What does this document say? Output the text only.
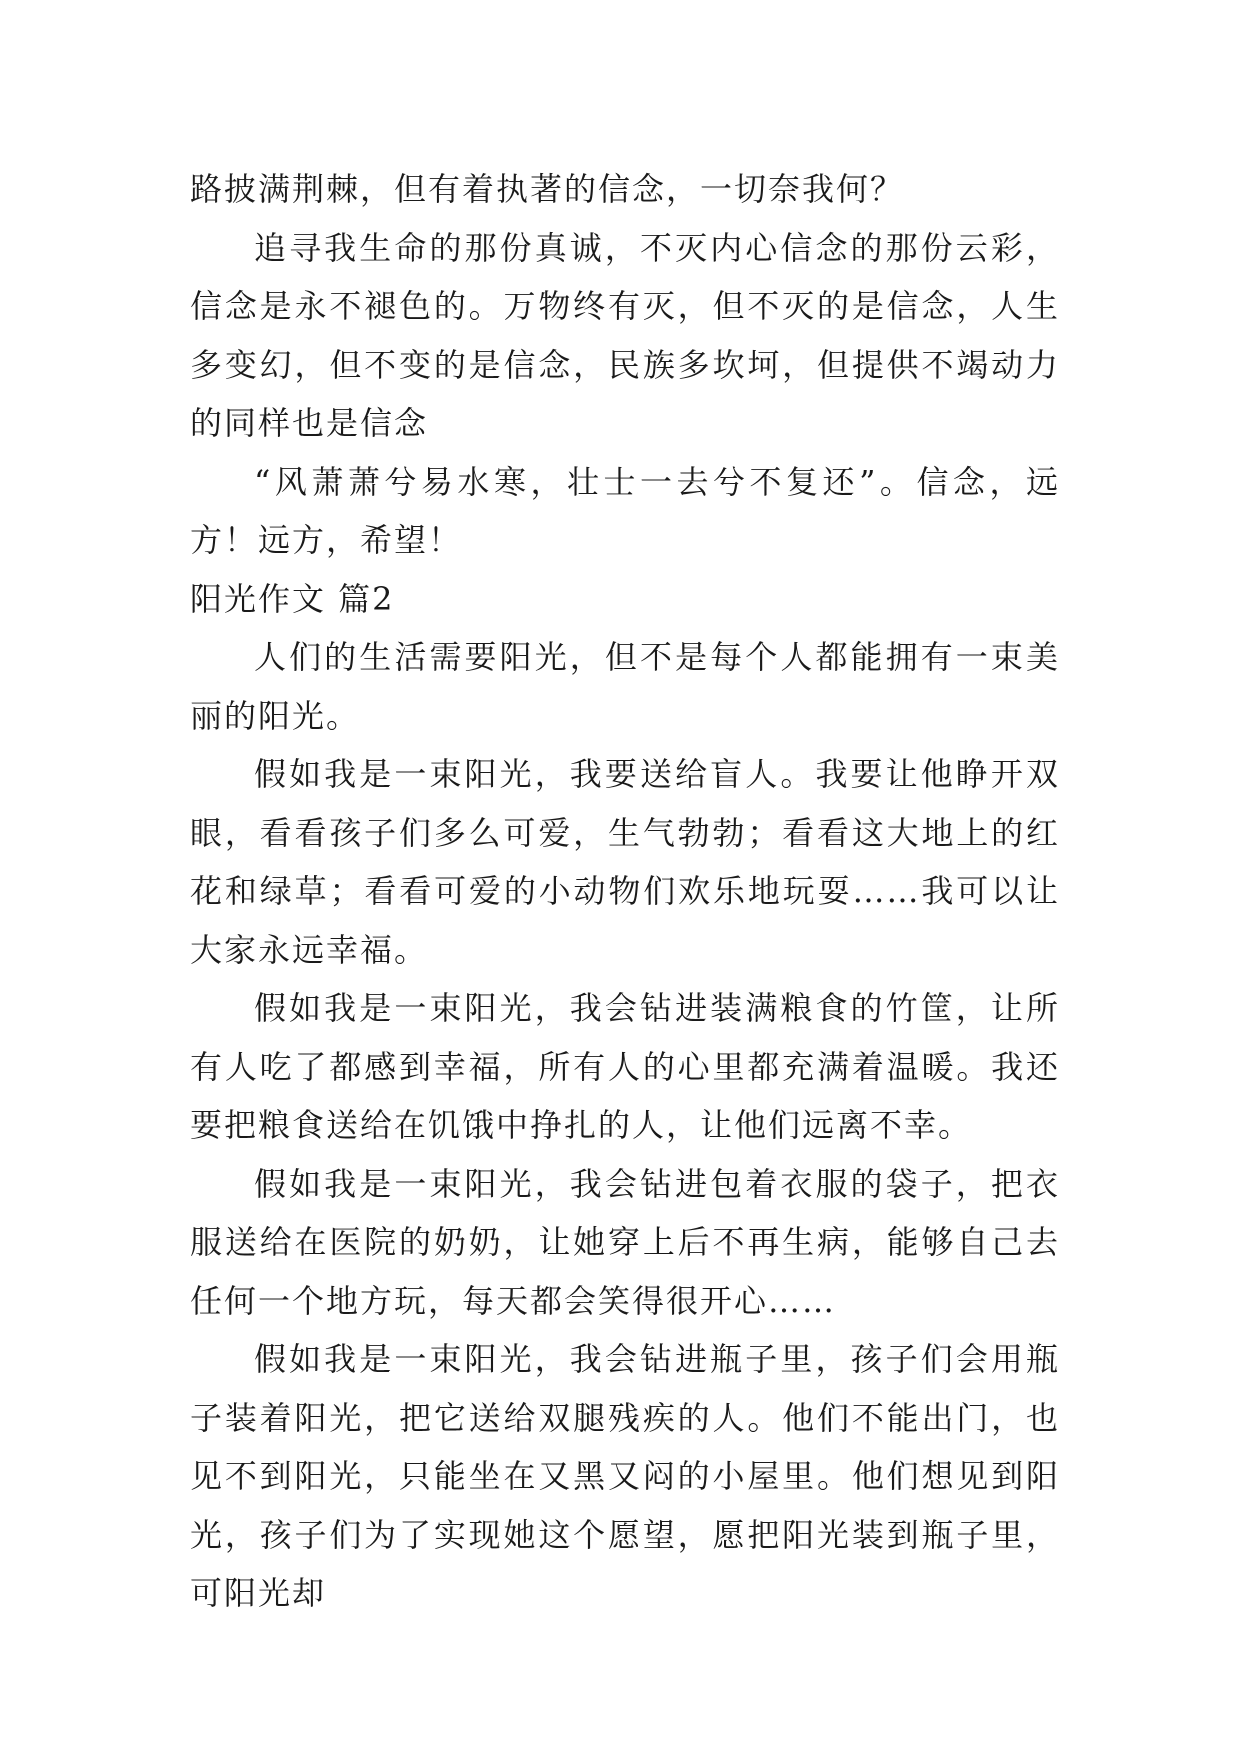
路披满荆棘，但有着执著的信念，一切奈我何？

追寻我生命的那份真诚，不灭内心信念的那份云彩，信念是永不褪色的。万物终有灭，但不灭的是信念，人生多变幻，但不变的是信念，民族多坎坷，但提供不竭动力的同样也是信念

“风萧萧兮易水寒，壮士一去兮不复还”。信念，远方！远方，希望！

阳光作文 篇2

人们的生活需要阳光，但不是每个人都能拥有一束美丽的阳光。

假如我是一束阳光，我要送给盲人。我要让他睁开双眼，看看孩子们多么可爱，生气勃勃；看看这大地上的红花和绿草；看看可爱的小动物们欢乐地玩耍……我可以让大家永远幸福。

假如我是一束阳光，我会钻进装满粮食的竹筐，让所有人吃了都感到幸福，所有人的心里都充满着温暖。我还要把粮食送给在饥饿中挣扎的人，让他们远离不幸。

假如我是一束阳光，我会钻进包着衣服的袋子，把衣服送给在医院的奶奶，让她穿上后不再生病，能够自己去任何一个地方玩，每天都会笑得很开心……

假如我是一束阳光，我会钻进瓶子里，孩子们会用瓶子装着阳光，把它送给双腿残疾的人。他们不能出门，也见不到阳光，只能坐在又黑又闷的小屋里。他们想见到阳光，孩子们为了实现她这个愿望，愿把阳光装到瓶子里，可阳光却
